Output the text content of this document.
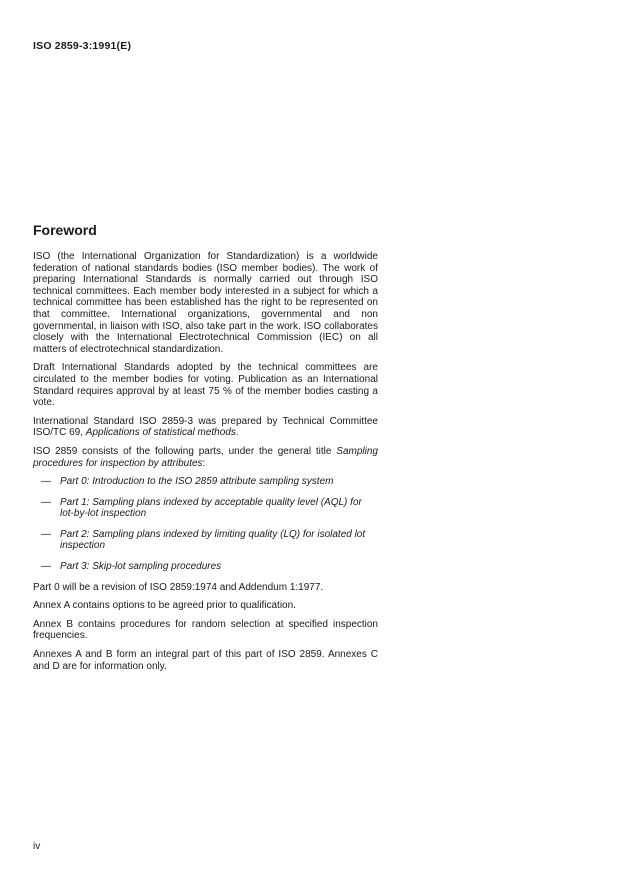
ISO 2859-3:1991(E)
Foreword

ISO (the International Organization for Standardization) is a worldwide federation of national standards bodies (ISO member bodies). The work of preparing International Standards is normally carried out through ISO technical committees. Each member body interested in a subject for which a technical committee has been established has the right to be represented on that committee. International organizations, governmental and non governmental, in liaison with ISO, also take part in the work. ISO collaborates closely with the International Electrotechnical Commission (IEC) on all matters of electrotechnical standardization.

Draft International Standards adopted by the technical committees are circulated to the member bodies for voting. Publication as an International Standard requires approval by at least 75 % of the member bodies casting a vote.

International Standard ISO 2859-3 was prepared by Technical Committee ISO/TC 69, Applications of statistical methods.

ISO 2859 consists of the following parts, under the general title Sampling procedures for inspection by attributes:

— Part 0: Introduction to the ISO 2859 attribute sampling system
— Part 1: Sampling plans indexed by acceptable quality level (AQL) for lot-by-lot inspection
— Part 2: Sampling plans indexed by limiting quality (LQ) for isolated lot inspection
— Part 3: Skip-lot sampling procedures

Part 0 will be a revision of ISO 2859:1974 and Addendum 1:1977.

Annex A contains options to be agreed prior to qualification.

Annex B contains procedures for random selection at specified inspection frequencies.

Annexes A and B form an integral part of this part of ISO 2859. Annexes C and D are for information only.

iv
